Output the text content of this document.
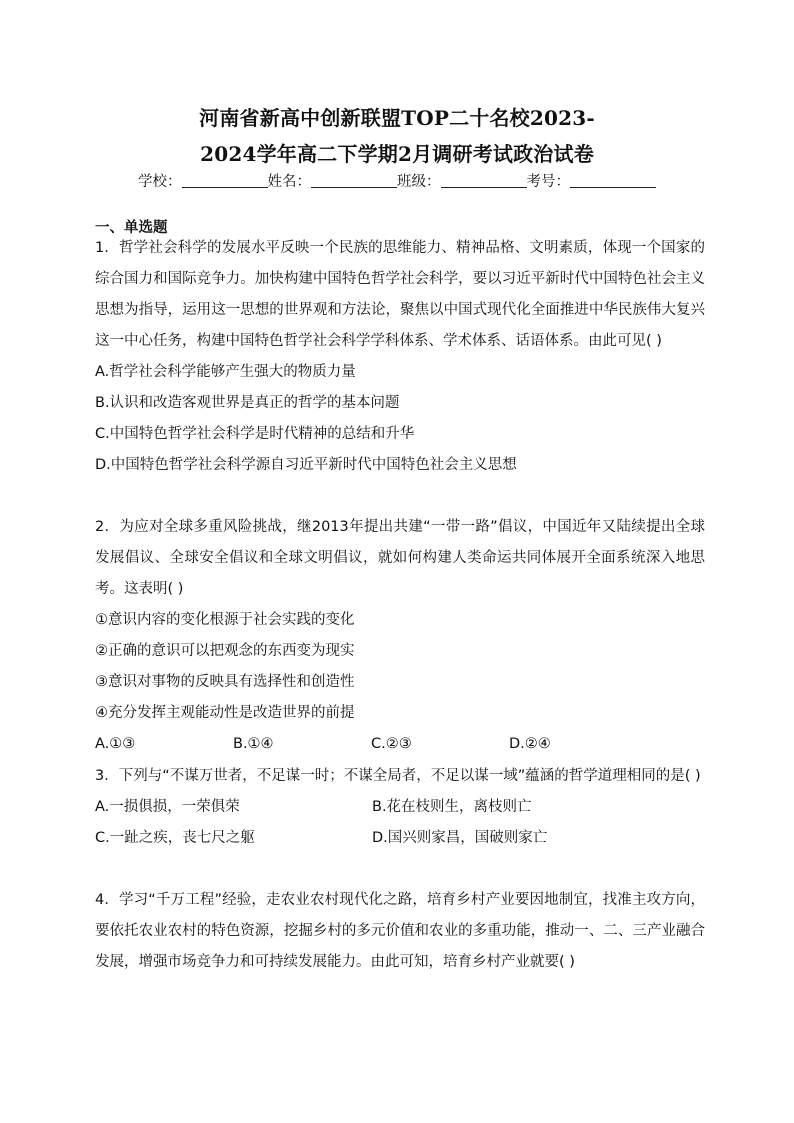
河南省新高中创新联盟TOP二十名校2023-
2024学年高二下学期2月调研考试政治试卷
学校：	姓名：	班级：	考号：
一、单选题
1．哲学社会科学的发展水平反映一个民族的思维能力、精神品格、文明素质，体现一个国家的综合国力和国际竞争力。加快构建中国特色哲学社会科学，要以习近平新时代中国特色社会主义思想为指导，运用这一思想的世界观和方法论，聚焦以中国式现代化全面推进中华民族伟大复兴这一中心任务，构建中国特色哲学社会科学学科体系、学术体系、话语体系。由此可见( )
A.哲学社会科学能够产生强大的物质力量
B.认识和改造客观世界是真正的哲学的基本问题
C.中国特色哲学社会科学是时代精神的总结和升华
D.中国特色哲学社会科学源自习近平新时代中国特色社会主义思想
2．为应对全球多重风险挑战，继2013年提出共建“一带一路”倡议，中国近年又陆续提出全球发展倡议、全球安全倡议和全球文明倡议，就如何构建人类命运共同体展开全面系统深入地思考。这表明( )
①意识内容的变化根源于社会实践的变化
②正确的意识可以把观念的东西变为现实
③意识对事物的反映具有选择性和创造性
④充分发挥主观能动性是改造世界的前提
A.①③	B.①④	C.②③	D.②④
3．下列与“不谋万世者，不足谋一时；不谋全局者，不足以谋一域”蕴涵的哲学道理相同的是( )
A.一损俱损，一荣俱荣	B.花在枝则生，离枝则亡
C.一趾之疾，丧七尺之躯	D.国兴则家昌，国破则家亡
4．学习“千万工程”经验，走农业农村现代化之路，培育乡村产业要因地制宜，找准主攻方向，要依托农业农村的特色资源，挖掘乡村的多元价值和农业的多重功能，推动一、二、三产业融合发展，增强市场竞争力和可持续发展能力。由此可知，培育乡村产业就要( )
